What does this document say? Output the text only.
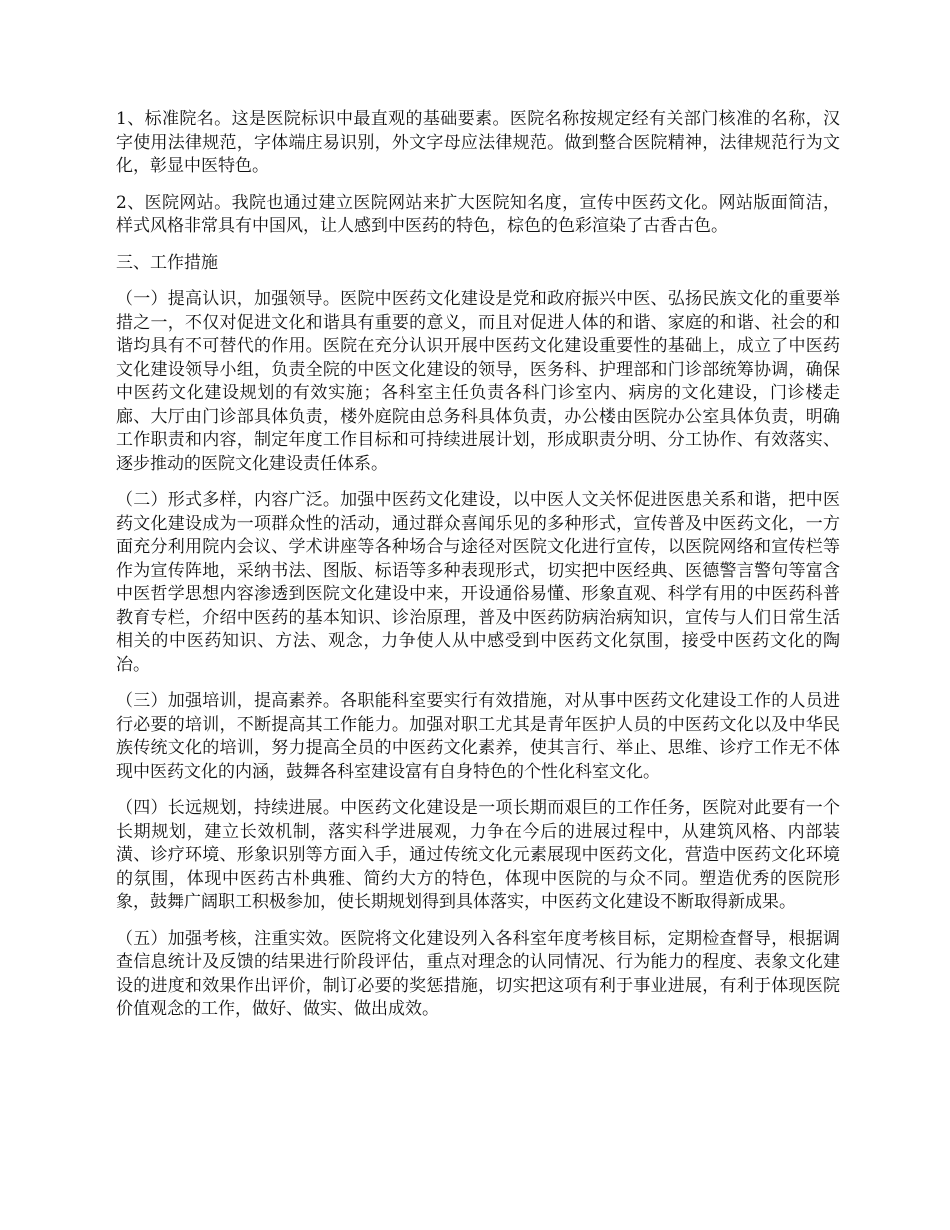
1、标准院名。这是医院标识中最直观的基础要素。医院名称按规定经有关部门核准的名称，汉字使用法律规范，字体端庄易识别，外文字母应法律规范。做到整合医院精神，法律规范行为文化，彰显中医特色。

2、医院网站。我院也通过建立医院网站来扩大医院知名度，宣传中医药文化。网站版面简洁，样式风格非常具有中国风，让人感到中医药的特色，棕色的色彩渲染了古香古色。

三、工作措施

（一）提高认识，加强领导。医院中医药文化建设是党和政府振兴中医、弘扬民族文化的重要举措之一，不仅对促进文化和谐具有重要的意义，而且对促进人体的和谐、家庭的和谐、社会的和谐均具有不可替代的作用。医院在充分认识开展中医药文化建设重要性的基础上，成立了中医药文化建设领导小组，负责全院的中医文化建设的领导，医务科、护理部和门诊部统筹协调，确保中医药文化建设规划的有效实施；各科室主任负责各科门诊室内、病房的文化建设，门诊楼走廊、大厅由门诊部具体负责，楼外庭院由总务科具体负责，办公楼由医院办公室具体负责，明确工作职责和内容，制定年度工作目标和可持续进展计划，形成职责分明、分工协作、有效落实、逐步推动的医院文化建设责任体系。

（二）形式多样，内容广泛。加强中医药文化建设，以中医人文关怀促进医患关系和谐，把中医药文化建设成为一项群众性的活动，通过群众喜闻乐见的多种形式，宣传普及中医药文化，一方面充分利用院内会议、学术讲座等各种场合与途径对医院文化进行宣传，以医院网络和宣传栏等作为宣传阵地，采纳书法、图版、标语等多种表现形式，切实把中医经典、医德警言警句等富含中医哲学思想内容渗透到医院文化建设中来，开设通俗易懂、形象直观、科学有用的中医药科普教育专栏，介绍中医药的基本知识、诊治原理，普及中医药防病治病知识，宣传与人们日常生活相关的中医药知识、方法、观念，力争使人从中感受到中医药文化氛围，接受中医药文化的陶冶。

（三）加强培训，提高素养。各职能科室要实行有效措施，对从事中医药文化建设工作的人员进行必要的培训，不断提高其工作能力。加强对职工尤其是青年医护人员的中医药文化以及中华民族传统文化的培训，努力提高全员的中医药文化素养，使其言行、举止、思维、诊疗工作无不体现中医药文化的内涵，鼓舞各科室建设富有自身特色的个性化科室文化。

（四）长远规划，持续进展。中医药文化建设是一项长期而艰巨的工作任务，医院对此要有一个长期规划，建立长效机制，落实科学进展观，力争在今后的进展过程中，从建筑风格、内部装潢、诊疗环境、形象识别等方面入手，通过传统文化元素展现中医药文化，营造中医药文化环境的氛围，体现中医药古朴典雅、简约大方的特色，体现中医院的与众不同。塑造优秀的医院形象，鼓舞广阔职工积极参加，使长期规划得到具体落实，中医药文化建设不断取得新成果。

（五）加强考核，注重实效。医院将文化建设列入各科室年度考核目标，定期检查督导，根据调查信息统计及反馈的结果进行阶段评估，重点对理念的认同情况、行为能力的程度、表象文化建设的进度和效果作出评价，制订必要的奖惩措施，切实把这项有利于事业进展，有利于体现医院价值观念的工作，做好、做实、做出成效。
